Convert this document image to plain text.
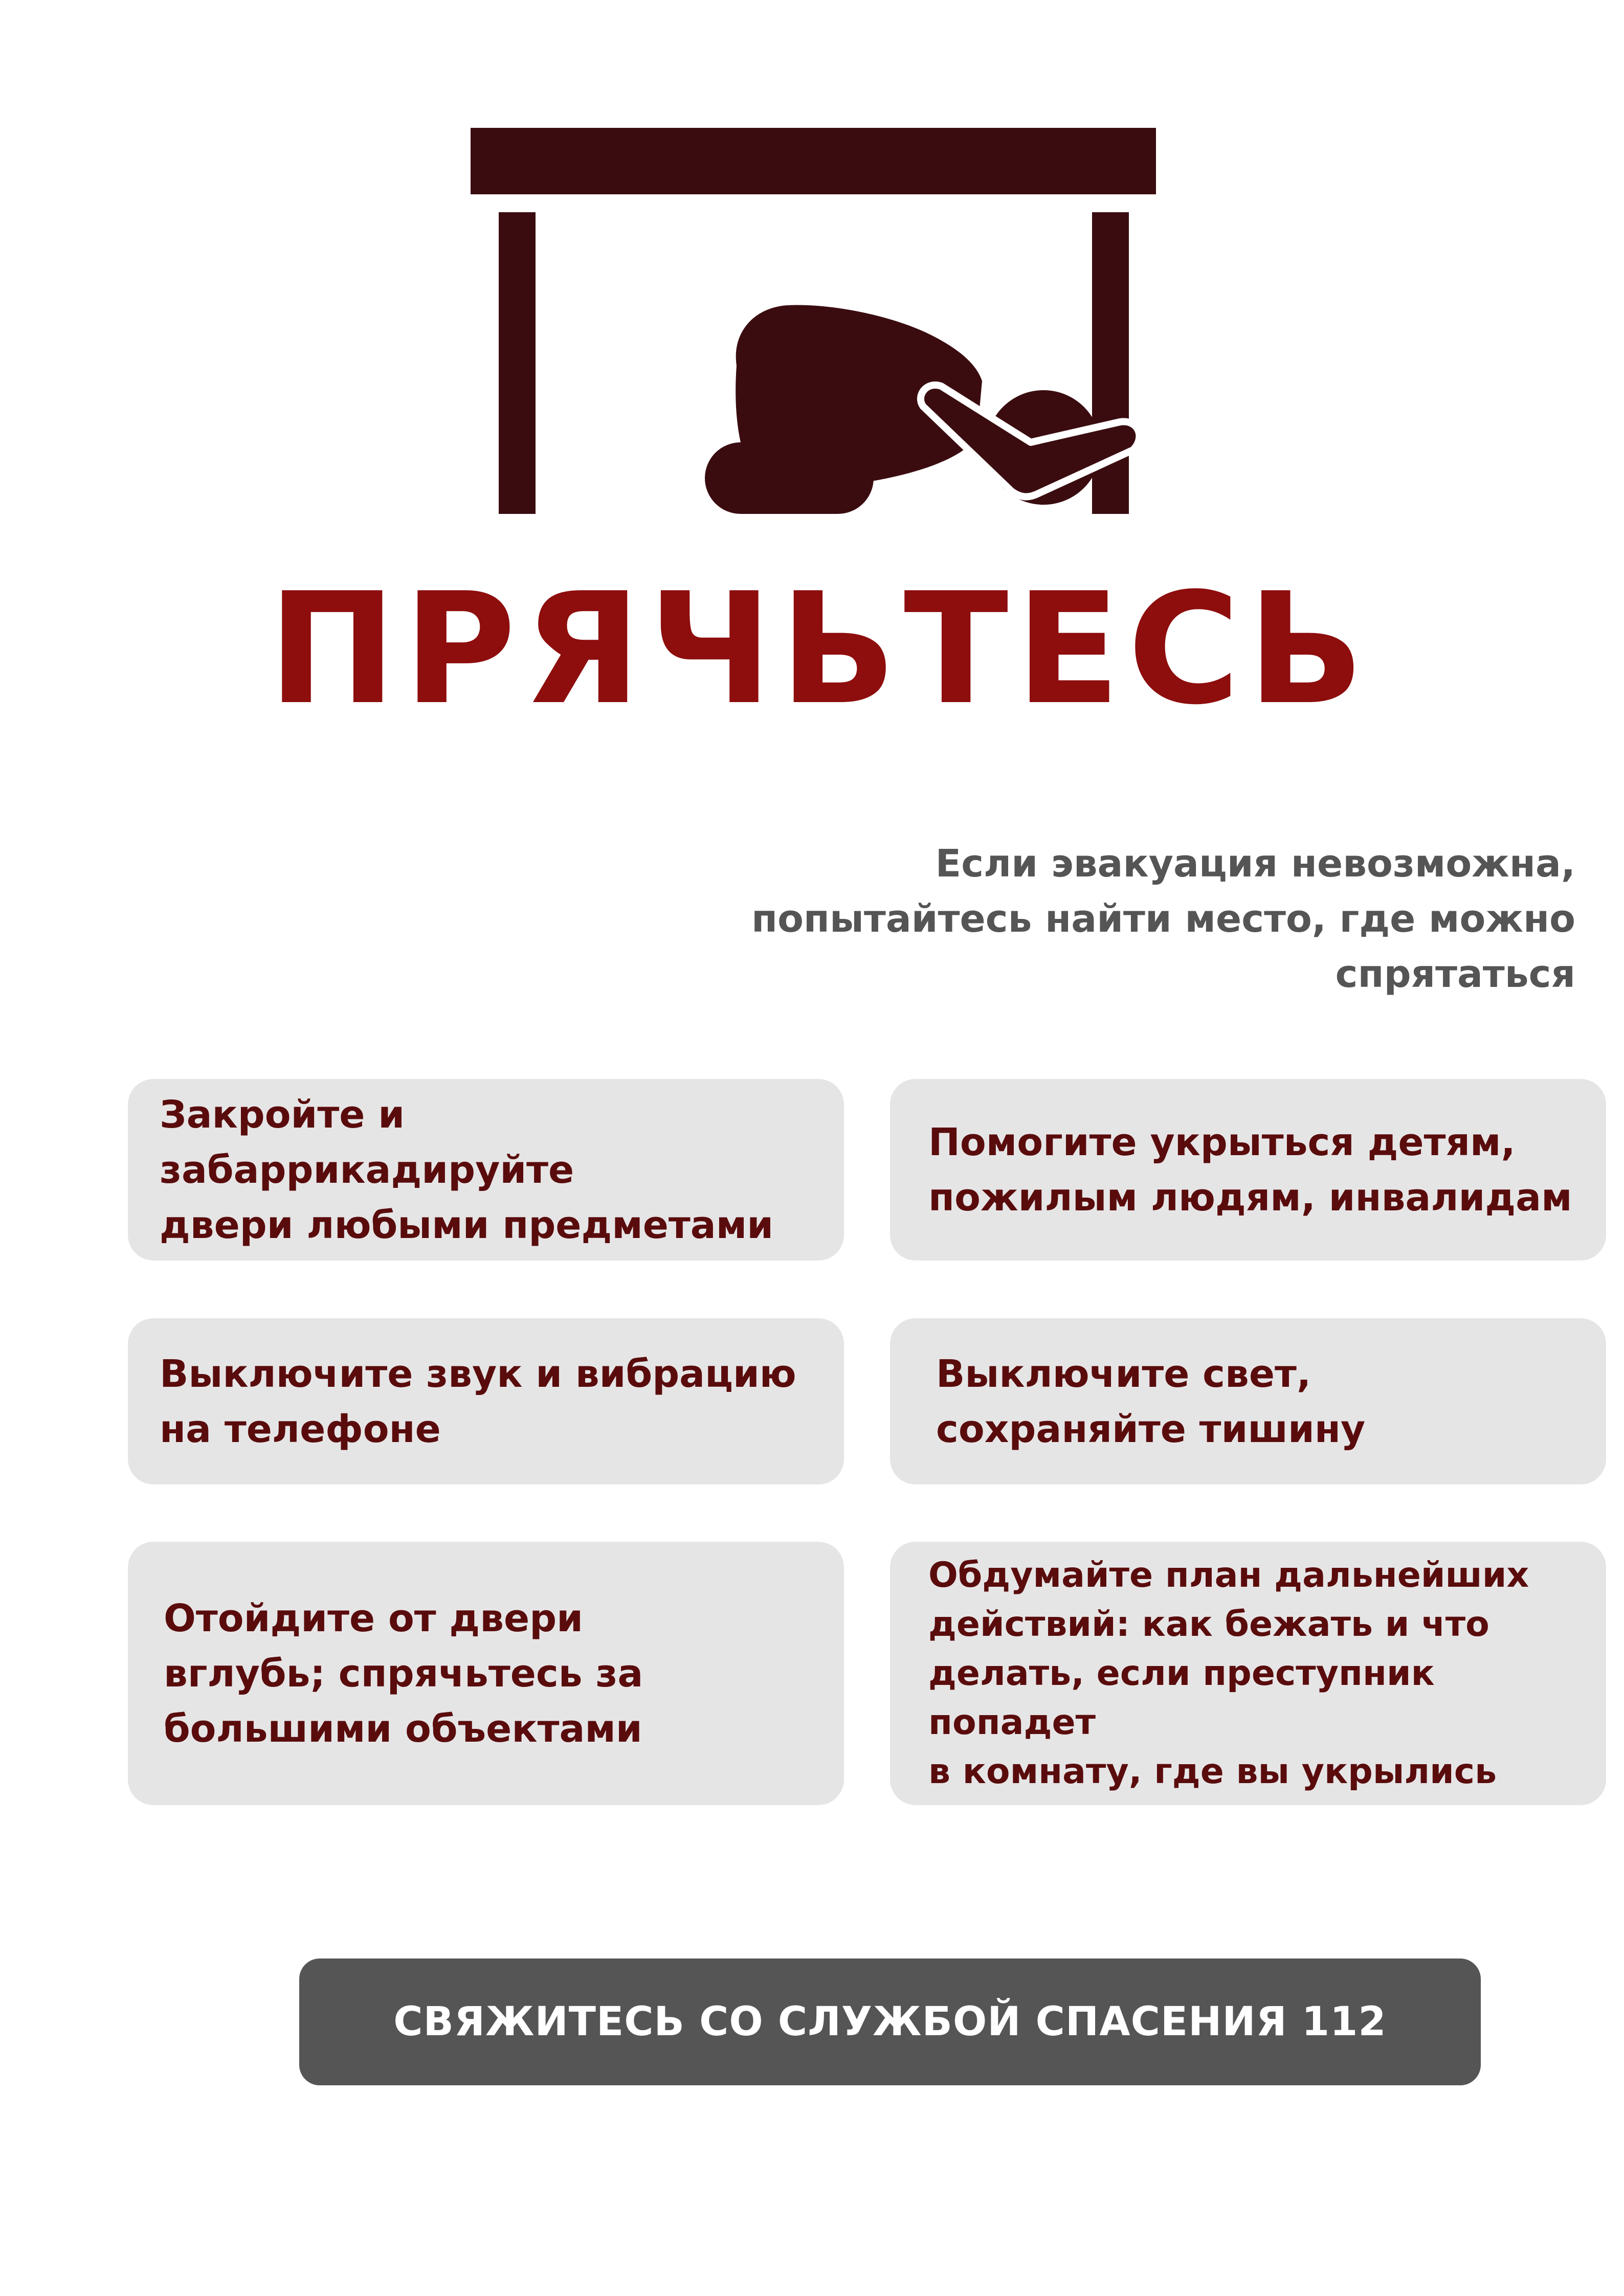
ПРЯЧЬТЕСЬ
Если эвакуация невозможна,
попытайтесь найти место, где можно
спрятаться
Закройте и забаррикадируйте
двери любыми предметами
Помогите укрыться детям,
пожилым людям, инвалидам
Выключите звук и вибрацию
на телефоне
Выключите свет,
сохраняйте тишину
Отойдите от двери
вглубь; спрячьтесь за
большими объектами
Обдумайте план дальнейших
действий: как бежать и что
делать, если преступник попадет
в комнату, где вы укрылись
СВЯЖИТЕСЬ СО СЛУЖБОЙ СПАСЕНИЯ 112
